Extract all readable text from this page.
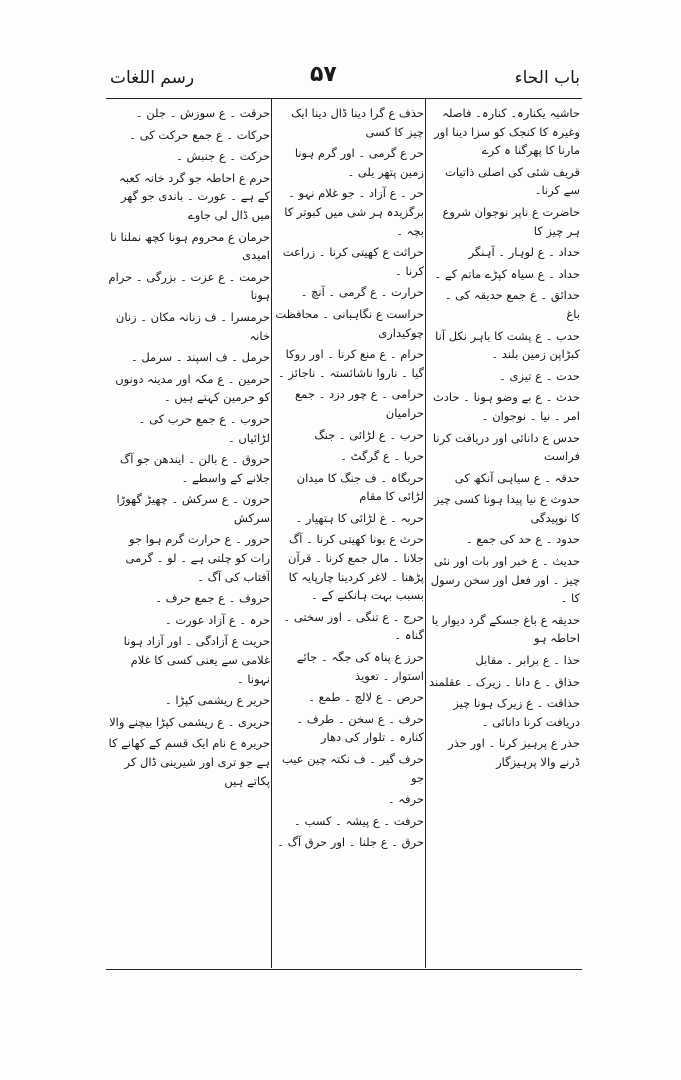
رسم اللغات	۵۷	باب الحاء
حاشیہ یکنارہ۔ کنارہ۔ فاصلہ وغیرہ کا کنجک کو سزا دینا اور مارنا کا پھرگنا ہ کرے
قریف شئی کی اصلی ذاتیات سے کرنا۔
حاضرت ع ناپر نوجوان شروع ہر چیز کا
حداد ۔ ع لوہار ۔ آہنگر
حداد ۔ ع سیاہ کپڑے ماتم کے ۔
حدائق ۔ ع جمع حدیقہ کی ۔ باغ
حدب ۔ ع پشت کا باہر نکل آنا کبڑاپن زمین بلند ۔
حدت ۔ ع تیزی ۔
حدث ۔ ع بے وضو ہونا ۔ حادث امر ۔ نیا ۔ نوجوان ۔
حدس ع دانائی اور دریافت کرنا فراست
حدقہ ۔ ع سیاہی آنکھ کی
حدوث ع نیا پیدا ہونا کسی چیز کا نوپیدگی
حدود ۔ ع حد کی جمع ۔
حدیث ۔ ع خبر اور بات اور نئی چیز ۔ اور فعل اور سخن رسول کا ۔
حدیقہ ع باغ جسکے گرد دیوار یا احاطہ ہو
حذا ۔ ع برابر ۔ مقابل
حذاق ۔ ع دانا ۔ زیرک ۔ عقلمند
حذاقت ۔ ع زیرک ہونا چیز دریافت کرنا دانائی ۔
حذر ع پرہیز کرنا ۔ اور حذر ڈرنے والا پرہیزگار
حذف ع گرا دینا ڈال دینا ایک چیز کا کسی
حر ع گرمی ۔ اور گرم ہونا زمین پتھر یلی ۔
حر ۔ ع آزاد ۔ جو غلام نہو ۔ برگزیدہ ہر شی میں کبوتر کا بچہ ۔
حراثت ع کھیتی کرنا ۔ زراعت کرنا ۔
حرارت ۔ ع گرمی ۔ آنچ ۔
حراست ع نگاہبانی ۔ محافظت چوکیداری
حرام ۔ ع منع کرنا ۔ اور روکا گیا ۔ ناروا ناشائستہ ۔ ناجائز ۔
حرامی ۔ ع چور دزد ۔ جمع حرامیان
حرب ۔ ع لڑائی ۔ جنگ
حربا ۔ ع گرگٹ ۔
حربگاہ ۔ ف جنگ کا میدان لڑائی کا مقام
حربہ ۔ ع لڑائی کا ہتھیار ۔
حرث ع بونا کھیتی کرنا ۔ آگ جلانا ۔ مال جمع کرنا ۔ قرآن پڑھنا ۔ لاغر کردینا چارپایہ کا بسبب بہت ہانکنے کے ۔
حرج ۔ ع تنگی ۔ اور سختی ۔ گناہ ۔
حرز ع پناہ کی جگہ ۔ جائے استوار ۔ تعویذ
حرص ۔ ع لالچ ۔ طمع ۔
حرف ۔ ع سخن ۔ طرف ۔ کنارہ ۔ تلوار کی دھار
حرف گیر ۔ ف نکتہ چین عیب جو
حرفہ ۔
حرفت ۔ ع پیشہ ۔ کسب ۔
حرق ۔ ع جلنا ۔ اور حرق آگ ۔
حرقت ۔ ع سوزش ۔ جلن ۔
حرکات ۔ ع جمع حرکت کی ۔
حرکت ۔ ع جنبش ۔
حرم ع احاطہ جو گرد خانہ کعبہ کے ہے ۔ عورت ۔ باندی جو گھر میں ڈال لی جاوے
حرمان ع محروم ہونا کچھ نملنا نا امیدی
حرمت ۔ ع عزت ۔ بزرگی ۔ حرام ہونا
حرمسرا ۔ ف زنانہ مکان ۔ زنان خانہ
حرمل ۔ ف اسپند ۔ سرمل ۔
حرمین ۔ ع مکہ اور مدینہ دونوں کو حرمین کہتے ہیں ۔
حروب ۔ ع جمع حرب کی ۔ لڑائیاں ۔
حروق ۔ ع بالن ۔ ایندھن جو آگ جلانے کے واسطے ۔
حرون ۔ ع سرکش ۔ چھیڑ گھوڑا سرکش
حرور ۔ ع حرارت گرم ہوا جو رات کو چلتی ہے ۔ لو ۔ گرمی آفتاب کی آگ ۔
حروف ۔ ع جمع حرف ۔
حرہ ۔ ع آزاد عورت ۔
حریت ع آزادگی ۔ اور آزاد ہونا غلامی سے یعنی کسی کا غلام نہونا ۔
حریر ع ریشمی کپڑا ۔
حریری ۔ ع ریشمی کپڑا بیچنے والا
حریرہ ع نام ایک قسم کے کھانے کا ہے جو تری اور شیرینی ڈال کر پکاتے ہیں
